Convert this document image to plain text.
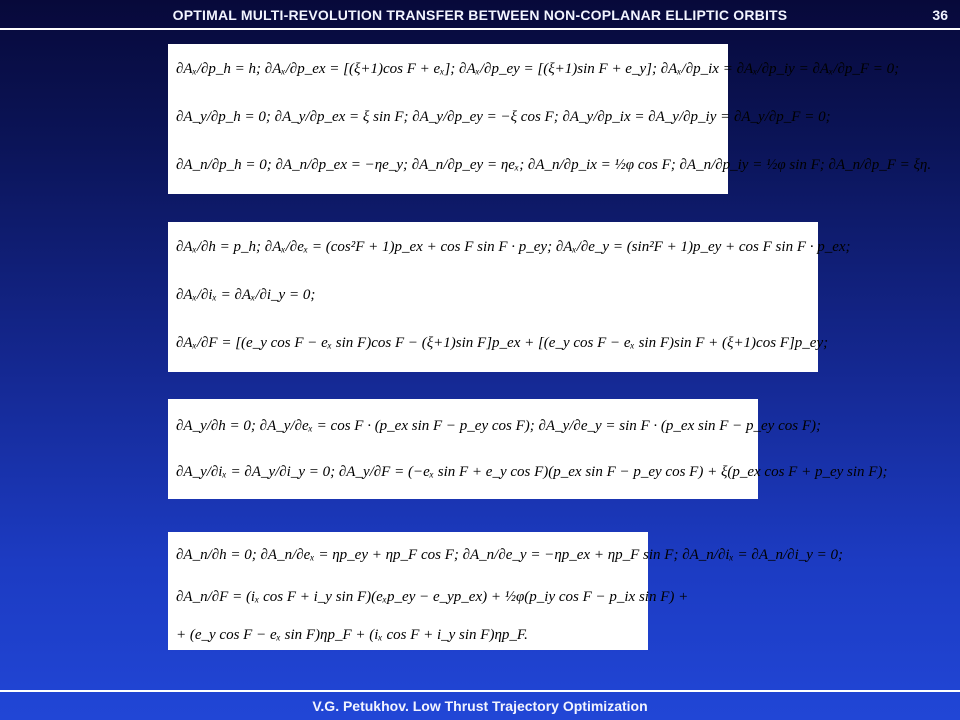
OPTIMAL MULTI-REVOLUTION TRANSFER BETWEEN NON-COPLANAR ELLIPTIC ORBITS	36
∂Aₓ/∂p_h = h; ∂Aₓ/∂p_ex = [(ξ+1)cos F + eₓ]; ∂Aₓ/∂p_ey = [(ξ+1)sin F + e_y]; ∂Aₓ/∂p_ix = ∂Aₓ/∂p_iy = ∂Aₓ/∂p_F = 0;
∂A_y/∂p_h = 0; ∂A_y/∂p_ex = ξ sin F; ∂A_y/∂p_ey = −ξ cos F; ∂A_y/∂p_ix = ∂A_y/∂p_iy = ∂A_y/∂p_F = 0;
∂A_n/∂p_h = 0; ∂A_n/∂p_ex = −ηe_y; ∂A_n/∂p_ey = ηeₓ; ∂A_n/∂p_ix = ½φ cos F; ∂A_n/∂p_iy = ½φ sin F; ∂A_n/∂p_F = ξη.
∂Aₓ/∂h = p_h; ∂Aₓ/∂eₓ = (cos²F + 1)p_ex + cos F sin F · p_ey; ∂Aₓ/∂e_y = (sin²F + 1)p_ey + cos F sin F · p_ex;
∂Aₓ/∂iₓ = ∂Aₓ/∂i_y = 0;
∂Aₓ/∂F = [(e_y cos F − eₓ sin F)cos F − (ξ+1)sin F]p_ex + [(e_y cos F − eₓ sin F)sin F + (ξ+1)cos F]p_ey;
∂A_y/∂h = 0; ∂A_y/∂eₓ = cos F · (p_ex sin F − p_ey cos F); ∂A_y/∂e_y = sin F · (p_ex sin F − p_ey cos F);
∂A_y/∂iₓ = ∂A_y/∂i_y = 0; ∂A_y/∂F = (−eₓ sin F + e_y cos F)(p_ex sin F − p_ey cos F) + ξ(p_ex cos F + p_ey sin F);
∂A_n/∂h = 0; ∂A_n/∂eₓ = ηp_ey + ηp_F cos F; ∂A_n/∂e_y = −ηp_ex + ηp_F sin F; ∂A_n/∂iₓ = ∂A_n/∂i_y = 0;
∂A_n/∂F = (iₓ cos F + i_y sin F)(eₓp_ey − e_yp_ex) + ½φ(p_iy cos F − p_ix sin F) +
+ (e_y cos F − eₓ sin F)ηp_F + (iₓ cos F + i_y sin F)ηp_F.
V.G. Petukhov. Low Thrust Trajectory Optimization
